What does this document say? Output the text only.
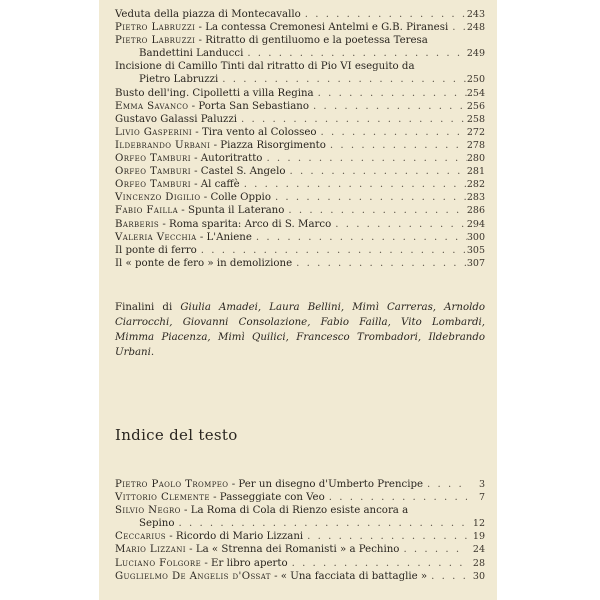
Veduta della piazza di Montecavallo . . .	243
Pietro Labruzzi - La contessa Cremonesi Antelmi e G.B. Piranesi . . . 248
Pietro Labruzzi - Ritratto di gentiluomo e la poetessa Teresa
Bandettini Landucci . . .	249
Incisione di Camillo Tinti dal ritratto di Pio VI eseguito da
Pietro Labruzzi . . .	250
Busto dell'ing. Cipolletti a villa Regina . . .	254
Emma Savanco - Porta San Sebastiano . . .	256
Gustavo Galassi Paluzzi . . .	258
Livio Gasperini - Tira vento al Colosseo . . .	272
Ildebrando Urbani - Piazza Risorgimento . . .	278
Orfeo Tamburi - Autoritratto . . .	280
Orfeo Tamburi - Castel S. Angelo . . .	281
Orfeo Tamburi - Al caffè . . .	282
Vincenzo Digilio - Colle Oppio . . .	283
Fabio Failla - Spunta il Laterano . . .	286
Barberis - Roma sparita: Arco di S. Marco . . .	294
Valeria Vecchia - L'Aniene . . .	300
Il ponte di ferro . . .	305
Il « ponte de fero » in demolizione . . .	307
Finalini di Giulia Amadei, Laura Bellini, Mimì Carreras, Arnoldo Ciarrocchi, Giovanni Consolazione, Fabio Failla, Vito Lombardi, Mimma Piacenza, Mimì Quilici, Francesco Trombadori, Ildebrando Urbani.
Indice del testo
Pietro Paolo Trompeo - Per un disegno d'Umberto Prencipe . . .	3
Vittorio Clemente - Passeggiate con Veo . . .	7
Silvio Negro - La Roma di Cola di Rienzo esiste ancora a
Sepino . . .	12
Ceccarius - Ricordo di Mario Lizzani . . .	19
Mario Lizzani - La « Strenna dei Romanisti » a Pechino . . .	24
Luciano Folgore - Er libro aperto . . .	28
Guglielmo De Angelis d'Ossat - « Una facciata di battaglie » . . .	30
